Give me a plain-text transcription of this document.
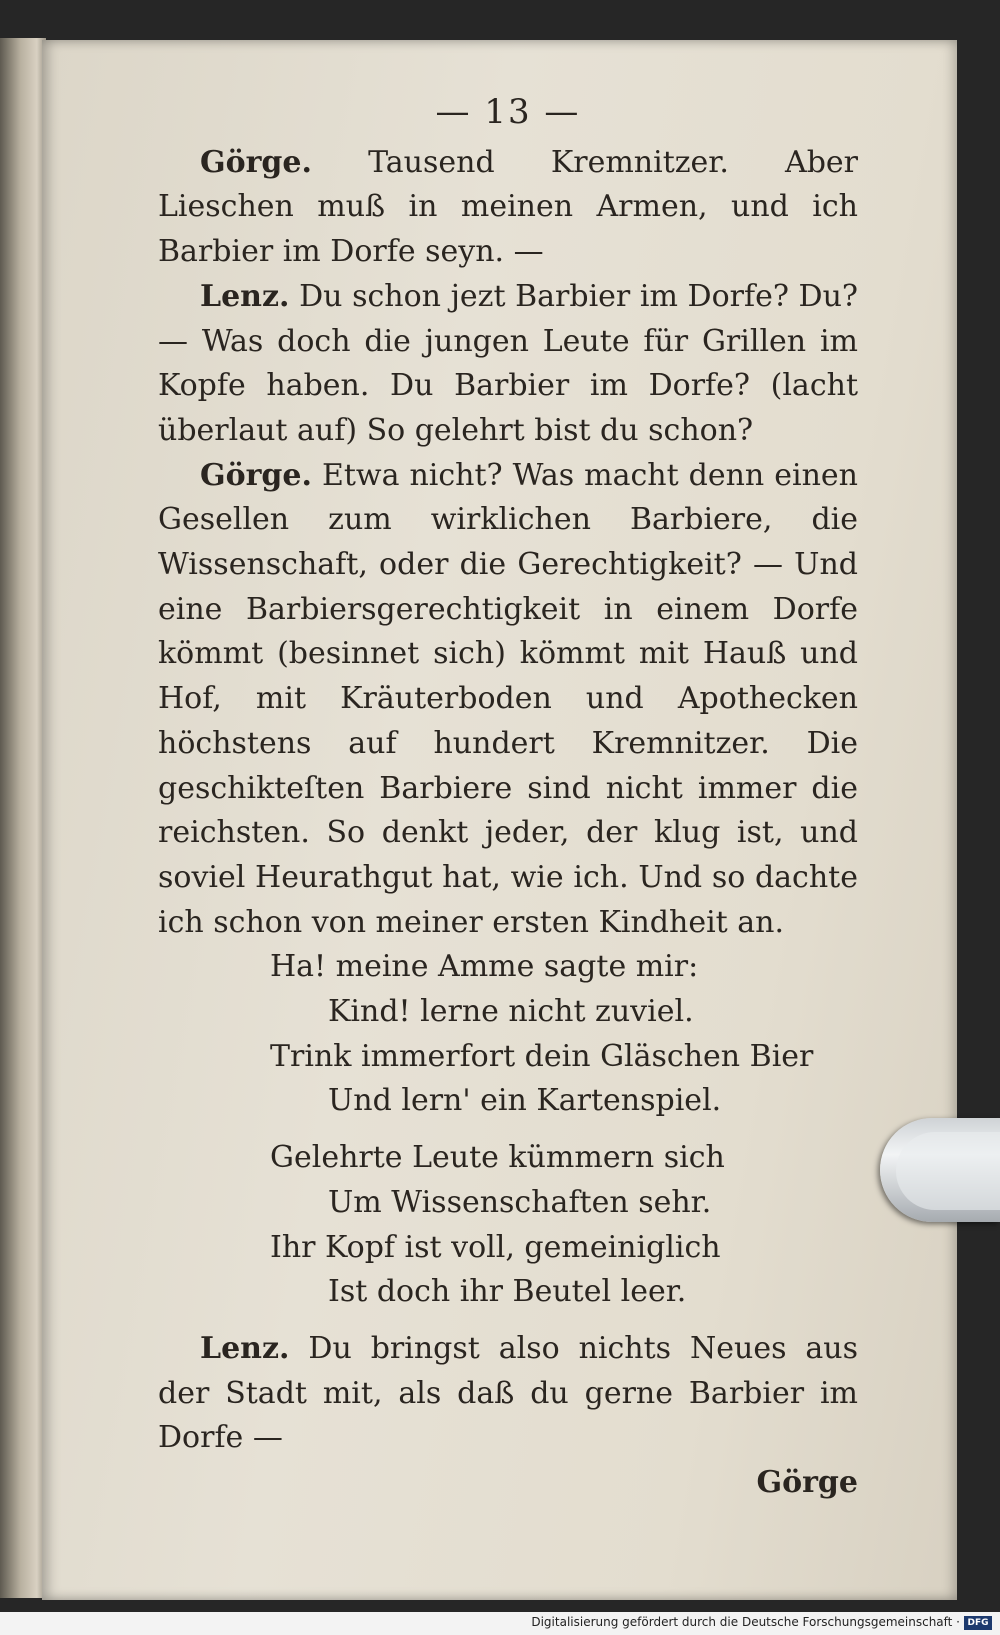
— 13 —

Görge. Tausend Kremnitzer. Aber Lieschen muß in meinen Armen, und ich Barbier im Dorfe seyn. —

Lenz. Du schon jezt Barbier im Dorfe? Du? — Was doch die jungen Leute für Grillen im Kopfe haben. Du Barbier im Dorfe? (lacht überlaut auf) So gelehrt bist du schon?

Görge. Etwa nicht? Was macht denn einen Gesellen zum wirklichen Barbiere, die Wissenschaft, oder die Gerechtigkeit? — Und eine Barbiersgerechtigkeit in einem Dorfe kömmt (besinnet sich) kömmt mit Hauß und Hof, mit Kräuterboden und Apothecken höchstens auf hundert Kremnitzer. Die geschikteſten Barbiere sind nicht immer die reichsten. So denkt jeder, der klug ist, und soviel Heurathgut hat, wie ich. Und so dachte ich schon von meiner ersten Kindheit an.

Ha! meine Amme sagte mir:
Kind! lerne nicht zuviel.
Trink immerfort dein Gläschen Bier
Und lern' ein Kartenspiel.
Gelehrte Leute kümmern sich
Um Wissenschaften sehr.
Ihr Kopf ist voll, gemeiniglich
Ist doch ihr Beutel leer.

Lenz. Du bringst also nichts Neues aus der Stadt mit, als daß du gerne Barbier im Dorfe —

Görge

Digitalisierung gefördert durch die Deutsche Forschungsgemeinschaft · DFG
